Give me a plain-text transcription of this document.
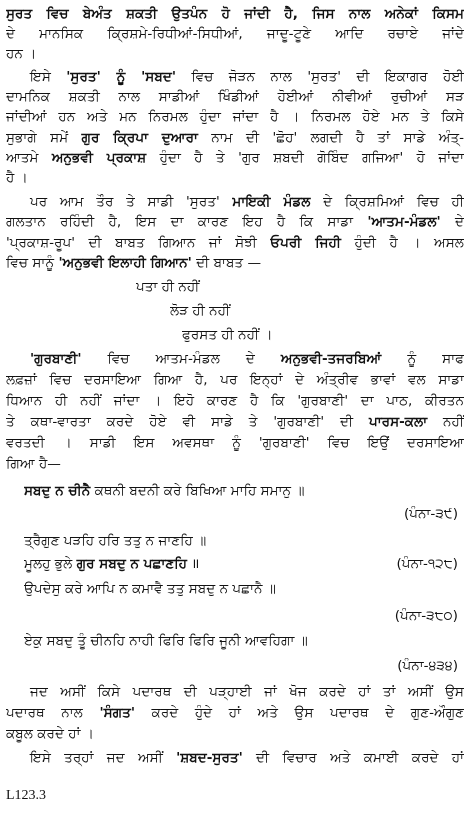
ਸੁਰਤ ਵਿਚ ਬੇਅੰਤ ਸ਼ਕਤੀ ਉਤਪੰਨ ਹੋ ਜਾਂਦੀ ਹੈ, ਜਿਸ ਨਾਲ ਅਨੇਕਾਂ ਕਿਸਮ
ਦੇ ਮਾਨਸਿਕ ਕ੍ਰਿਸ਼ਮੇ-ਰਿਧੀਆਂ-ਸਿਧੀਆਂ, ਜਾਦੂ-ਟੂਣੇ ਆਦਿ ਰਚਾਏ ਜਾਂਦੇ
ਹਨ ।
ਇਸੇ 'ਸੁਰਤ' ਨੂੰ 'ਸਬਦ' ਵਿਚ ਜੋੜਨ ਨਾਲ 'ਸੁਰਤ' ਦੀ ਇਕਾਗਰ ਹੋਈ
ਦਾਮਨਿਕ ਸ਼ਕਤੀ ਨਾਲ ਸਾਡੀਆਂ ਖਿੰਡੀਆਂ ਹੋਈਆਂ ਨੀਵੀਆਂ ਰੁਚੀਆਂ ਸੜ
ਜਾਂਦੀਆਂ ਹਨ ਅਤੇ ਮਨ ਨਿਰਮਲ ਹੁੰਦਾ ਜਾਂਦਾ ਹੈ । ਨਿਰਮਲ ਹੋਏ ਮਨ ਤੇ ਕਿਸੇ
ਸੁਭਾਗੇ ਸਮੇਂ ਗੁਰ ਕ੍ਰਿਪਾ ਦੁਆਰਾ ਨਾਮ ਦੀ 'ਛੋਹ' ਲਗਦੀ ਹੈ ਤਾਂ ਸਾਡੇ ਅੰਤ੍-
ਆਤਮੇ ਅਨੁਭਵੀ ਪ੍ਰਕਾਸ਼ ਹੁੰਦਾ ਹੈ ਤੇ 'ਗੁਰ ਸ਼ਬਦੀ ਗੋਬਿੰਦ ਗਜਿਆ' ਹੋ ਜਾਂਦਾ
ਹੈ ।
ਪਰ ਆਮ ਤੌਰ ਤੇ ਸਾਡੀ 'ਸੁਰਤ' ਮਾਇਕੀ ਮੰਡਲ ਦੇ ਕ੍ਰਿਸ਼ਮਿਆਂ ਵਿਚ ਹੀ
ਗਲਤਾਨ ਰਹਿੰਦੀ ਹੈ, ਇਸ ਦਾ ਕਾਰਣ ਇਹ ਹੈ ਕਿ ਸਾਡਾ 'ਆਤਮ-ਮੰਡਲ' ਦੇ
'ਪ੍ਰਕਾਸ਼-ਰੂਪ' ਦੀ ਬਾਬਤ ਗਿਆਨ ਜਾਂ ਸੋਝੀ ਓਪਰੀ ਜਿਹੀ ਹੁੰਦੀ ਹੈ । ਅਸਲ
ਵਿਚ ਸਾਨੂੰ 'ਅਨੁਭਵੀ ਇਲਾਹੀ ਗਿਆਨ' ਦੀ ਬਾਬਤ —
ਪਤਾ ਹੀ ਨਹੀਂ
ਲੋੜ ਹੀ ਨਹੀਂ
ਫੁਰਸਤ ਹੀ ਨਹੀਂ ।
'ਗੁਰਬਾਣੀ' ਵਿਚ ਆਤਮ-ਮੰਡਲ ਦੇ ਅਨੁਭਵੀ-ਤਜਰਬਿਆਂ ਨੂੰ ਸਾਫ
ਲਫ਼ਜ਼ਾਂ ਵਿਚ ਦਰਸਾਇਆ ਗਿਆ ਹੈ, ਪਰ ਇਨ੍ਹਾਂ ਦੇ ਅੰਤ੍ਰੀਵ ਭਾਵਾਂ ਵਲ ਸਾਡਾ
ਧਿਆਨ ਹੀ ਨਹੀਂ ਜਾਂਦਾ । ਇਹੋ ਕਾਰਣ ਹੈ ਕਿ 'ਗੁਰਬਾਣੀ' ਦਾ ਪਾਠ, ਕੀਰਤਨ
ਤੇ ਕਥਾ-ਵਾਰਤਾ ਕਰਦੇ ਹੋਏ ਵੀ ਸਾਡੇ ਤੇ 'ਗੁਰਬਾਣੀ' ਦੀ ਪਾਰਸ-ਕਲਾ ਨਹੀਂ
ਵਰਤਦੀ । ਸਾਡੀ ਇਸ ਅਵਸਥਾ ਨੂੰ 'ਗੁਰਬਾਣੀ' ਵਿਚ ਇਉਂ ਦਰਸਾਇਆ
ਗਿਆ ਹੈ—
ਸਬਦੁ ਨ ਚੀਨੈ ਕਥਨੀ ਬਦਨੀ ਕਰੇ ਬਿਖਿਆ ਮਾਹਿ ਸਮਾਨੁ ॥
(ਪੰਨਾ-੩੯)
ਤ੍ਰੈਗੁਣ ਪੜਹਿ ਹਰਿ ਤਤੁ ਨ ਜਾਣਹਿ ॥
ਮੂਲਹੁ ਭੁਲੇ ਗੁਰ ਸਬਦੁ ਨ ਪਛਾਣਹਿ ॥	(ਪੰਨਾ-੧੨੮)
ਉਪਦੇਸੁ ਕਰੇ ਆਪਿ ਨ ਕਮਾਵੈ ਤਤੁ ਸਬਦੁ ਨ ਪਛਾਨੈ ॥
(ਪੰਨਾ-੩੮੦)
ਏਕੁ ਸਬਦੁ ਤੂੰ ਚੀਨਹਿ ਨਾਹੀ ਫਿਰਿ ਫਿਰਿ ਜੂਨੀ ਆਵਹਿਗਾ ॥
(ਪੰਨਾ-੪੩੪)
ਜਦ ਅਸੀਂ ਕਿਸੇ ਪਦਾਰਥ ਦੀ ਪੜ੍ਹਾਈ ਜਾਂ ਖੋਜ ਕਰਦੇ ਹਾਂ ਤਾਂ ਅਸੀਂ ਉਸ
ਪਦਾਰਥ ਨਾਲ 'ਸੰਗਤ' ਕਰਦੇ ਹੁੰਦੇ ਹਾਂ ਅਤੇ ਉਸ ਪਦਾਰਥ ਦੇ ਗੁਣ-ਔਗੁਣ
ਕਬੂਲ ਕਰਦੇ ਹਾਂ ।
ਇਸੇ ਤਰ੍ਹਾਂ ਜਦ ਅਸੀਂ 'ਸ਼ਬਦ-ਸੁਰਤ' ਦੀ ਵਿਚਾਰ ਅਤੇ ਕਮਾਈ ਕਰਦੇ ਹਾਂ
L123.3
